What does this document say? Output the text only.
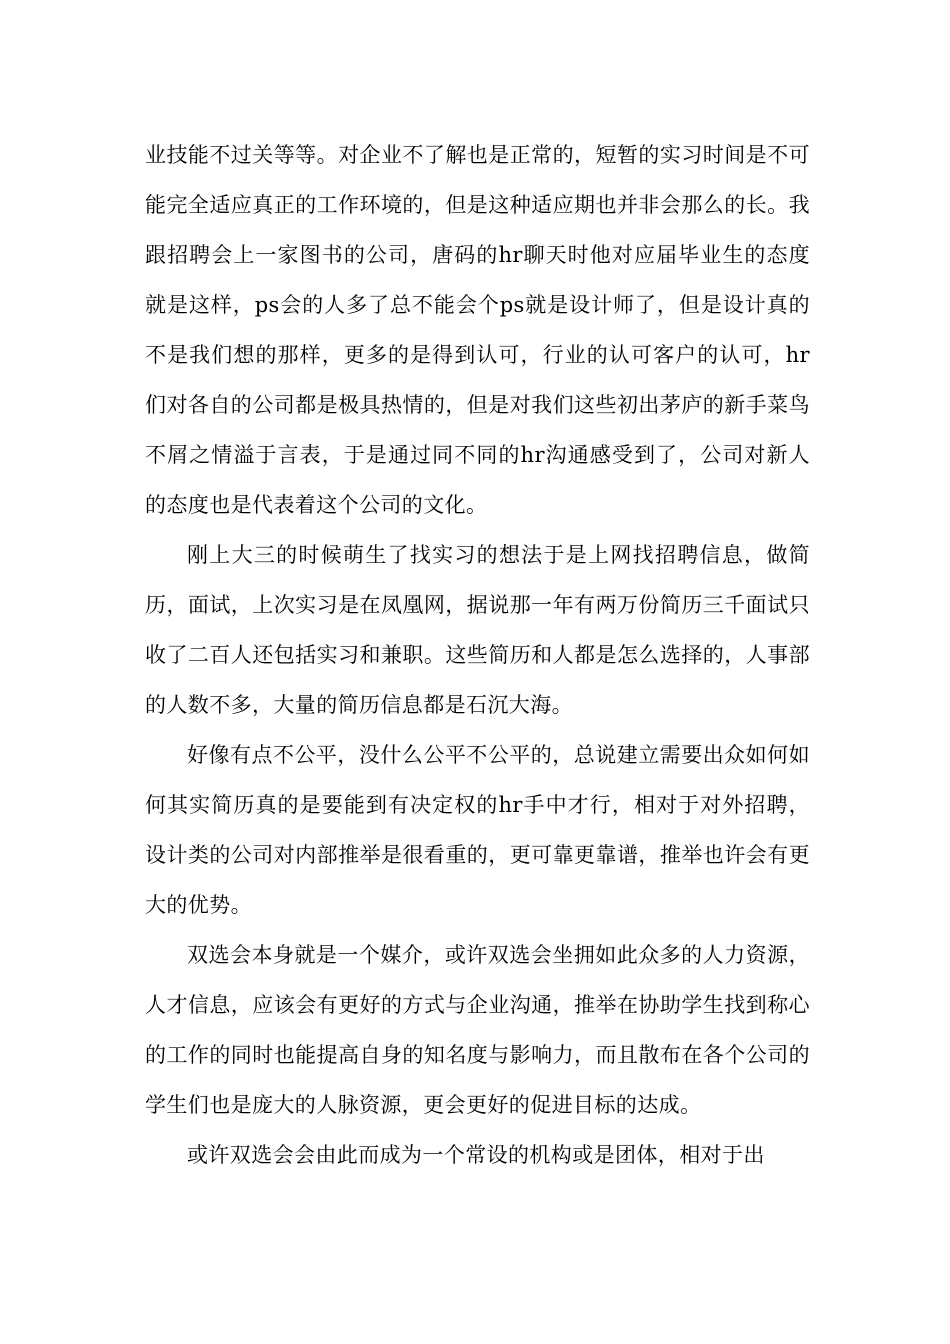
业技能不过关等等。对企业不了解也是正常的，短暂的实习时间是不可能完全适应真正的工作环境的，但是这种适应期也并非会那么的长。我跟招聘会上一家图书的公司，唐码的hr聊天时他对应届毕业生的态度就是这样，ps会的人多了总不能会个ps就是设计师了，但是设计真的不是我们想的那样，更多的是得到认可，行业的认可客户的认可，hr们对各自的公司都是极具热情的，但是对我们这些初出茅庐的新手菜鸟不屑之情溢于言表，于是通过同不同的hr沟通感受到了，公司对新人的态度也是代表着这个公司的文化。

刚上大三的时候萌生了找实习的想法于是上网找招聘信息，做简历，面试，上次实习是在凤凰网，据说那一年有两万份简历三千面试只收了二百人还包括实习和兼职。这些简历和人都是怎么选择的，人事部的人数不多，大量的简历信息都是石沉大海。

好像有点不公平，没什么公平不公平的，总说建立需要出众如何如何其实简历真的是要能到有决定权的hr手中才行，相对于对外招聘，设计类的公司对内部推举是很看重的，更可靠更靠谱，推举也许会有更大的优势。

双选会本身就是一个媒介，或许双选会坐拥如此众多的人力资源，人才信息，应该会有更好的方式与企业沟通，推举在协助学生找到称心的工作的同时也能提高自身的知名度与影响力，而且散布在各个公司的学生们也是庞大的人脉资源，更会更好的促进目标的达成。

或许双选会会由此而成为一个常设的机构或是团体，相对于出
